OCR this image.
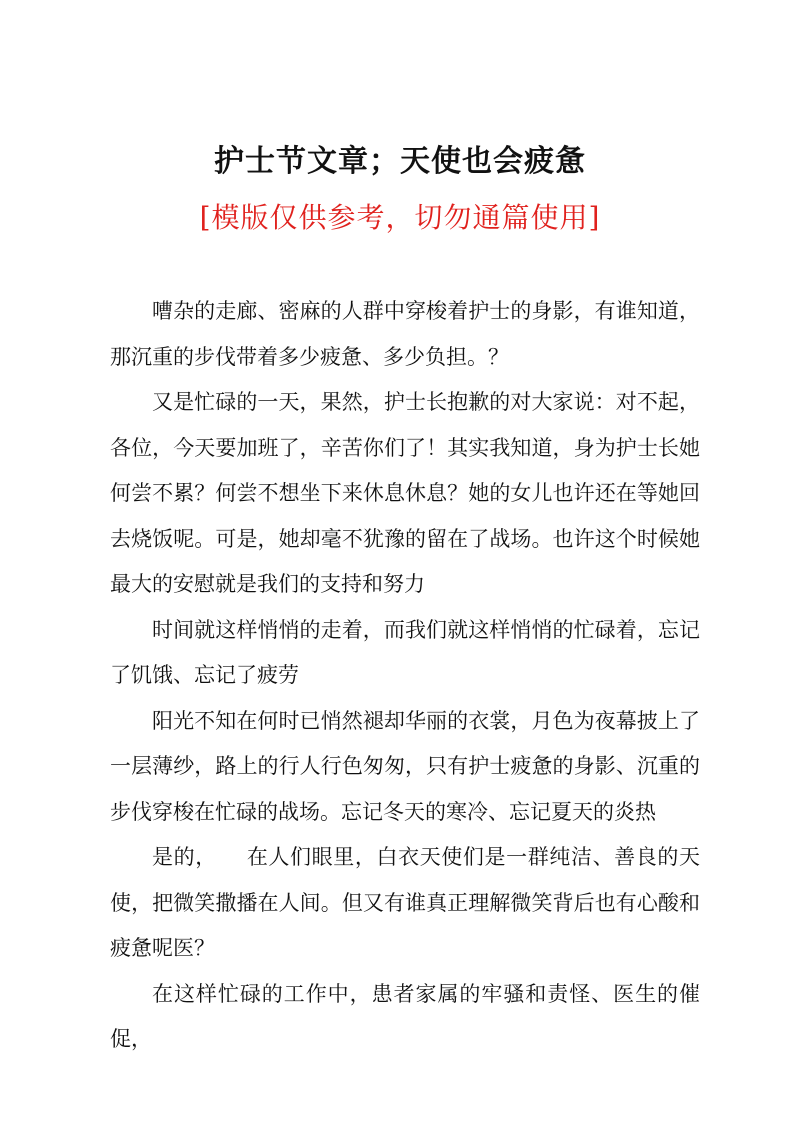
护士节文章；天使也会疲惫
[模版仅供参考，切勿通篇使用]

嘈杂的走廊、密麻的人群中穿梭着护士的身影，有谁知道，那沉重的步伐带着多少疲惫、多少负担。？

又是忙碌的一天，果然，护士长抱歉的对大家说：对不起，各位，今天要加班了，辛苦你们了！其实我知道，身为护士长她何尝不累？何尝不想坐下来休息休息？她的女儿也许还在等她回去烧饭呢。可是，她却毫不犹豫的留在了战场。也许这个时候她最大的安慰就是我们的支持和努力

时间就这样悄悄的走着，而我们就这样悄悄的忙碌着，忘记了饥饿、忘记了疲劳

阳光不知在何时已悄然褪却华丽的衣裳，月色为夜幕披上了一层薄纱，路上的行人行色匆匆，只有护士疲惫的身影、沉重的步伐穿梭在忙碌的战场。忘记冬天的寒冷、忘记夏天的炎热

是的， 在人们眼里，白衣天使们是一群纯洁、善良的天使，把微笑撒播在人间。但又有谁真正理解微笑背后也有心酸和疲惫呢医？

在这样忙碌的工作中，患者家属的牢骚和责怪、医生的催促，
